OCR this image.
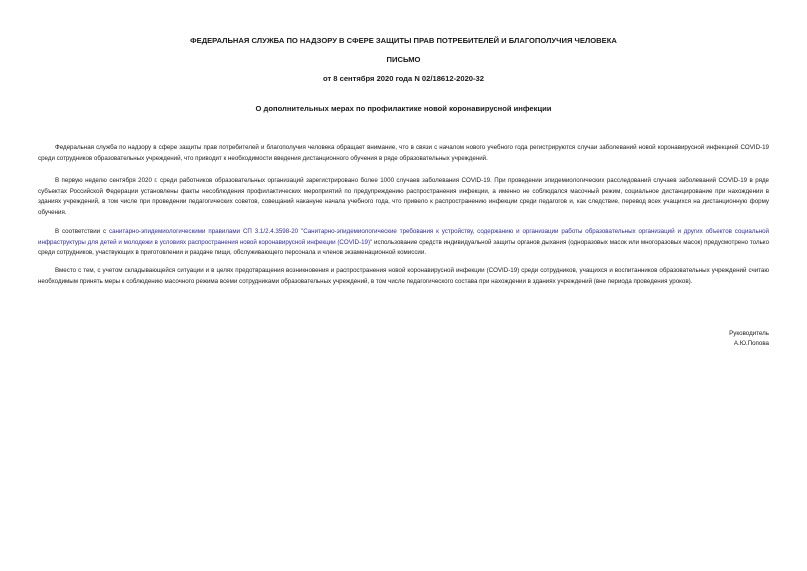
ФЕДЕРАЛЬНАЯ СЛУЖБА ПО НАДЗОРУ В СФЕРЕ ЗАЩИТЫ ПРАВ ПОТРЕБИТЕЛЕЙ И БЛАГОПОЛУЧИЯ ЧЕЛОВЕКА
ПИСЬМО
от 8 сентября 2020 года N 02/18612-2020-32
О дополнительных мерах по профилактике новой коронавирусной инфекции

Федеральная служба по надзору в сфере защиты прав потребителей и благополучия человека обращает внимание, что в связи с началом нового учебного года регистрируются случаи заболеваний новой коронавирусной инфекцией COVID-19 среди сотрудников образовательных учреждений, что приводит к необходимости введения дистанционного обучения в ряде образовательных учреждений.

В первую неделю сентября 2020 г. среди работников образовательных организаций зарегистрировано более 1000 случаев заболевания COVID-19. При проведении эпидемиологических расследований случаев заболеваний COVID-19 в ряде субъектах Российской Федерации установлены факты несоблюдения профилактических мероприятий по предупреждению распространения инфекции, а именно не соблюдался масочный режим, социальное дистанцирование при нахождении в зданиях учреждений, в том числе при проведении педагогических советов, совещаний накануне начала учебного года, что привело к распространению инфекции среди педагогов и, как следствие, перевод всех учащихся на дистанционную форму обучения.

В соответствии с санитарно-эпидемиологическими правилами СП 3.1/2.4.3598-20 "Санитарно-эпидемиологические требования к устройству, содержанию и организации работы образовательных организаций и других объектов социальной инфраструктуры для детей и молодежи в условиях распространения новой коронавирусной инфекции (COVID-19)" использование средств индивидуальной защиты органов дыхания (одноразовых масок или многоразовых масок) предусмотрено только среди сотрудников, участвующих в приготовлении и раздаче пищи, обслуживающего персонала и членов экзаменационной комиссии.

Вместо с тем, с учетом складывающейся ситуации и в целях предотвращения возникновения и распространения новой коронавирусной инфекции (COVID-19) среди сотрудников, учащихся и воспитанников образовательных учреждений считаю необходимым принять меры к соблюдению масочного режима всеми сотрудниками образовательных учреждений, в том числе педагогического состава при нахождении в зданиях учреждений (вне периода проведения уроков).

Руководитель
А.Ю.Попова
